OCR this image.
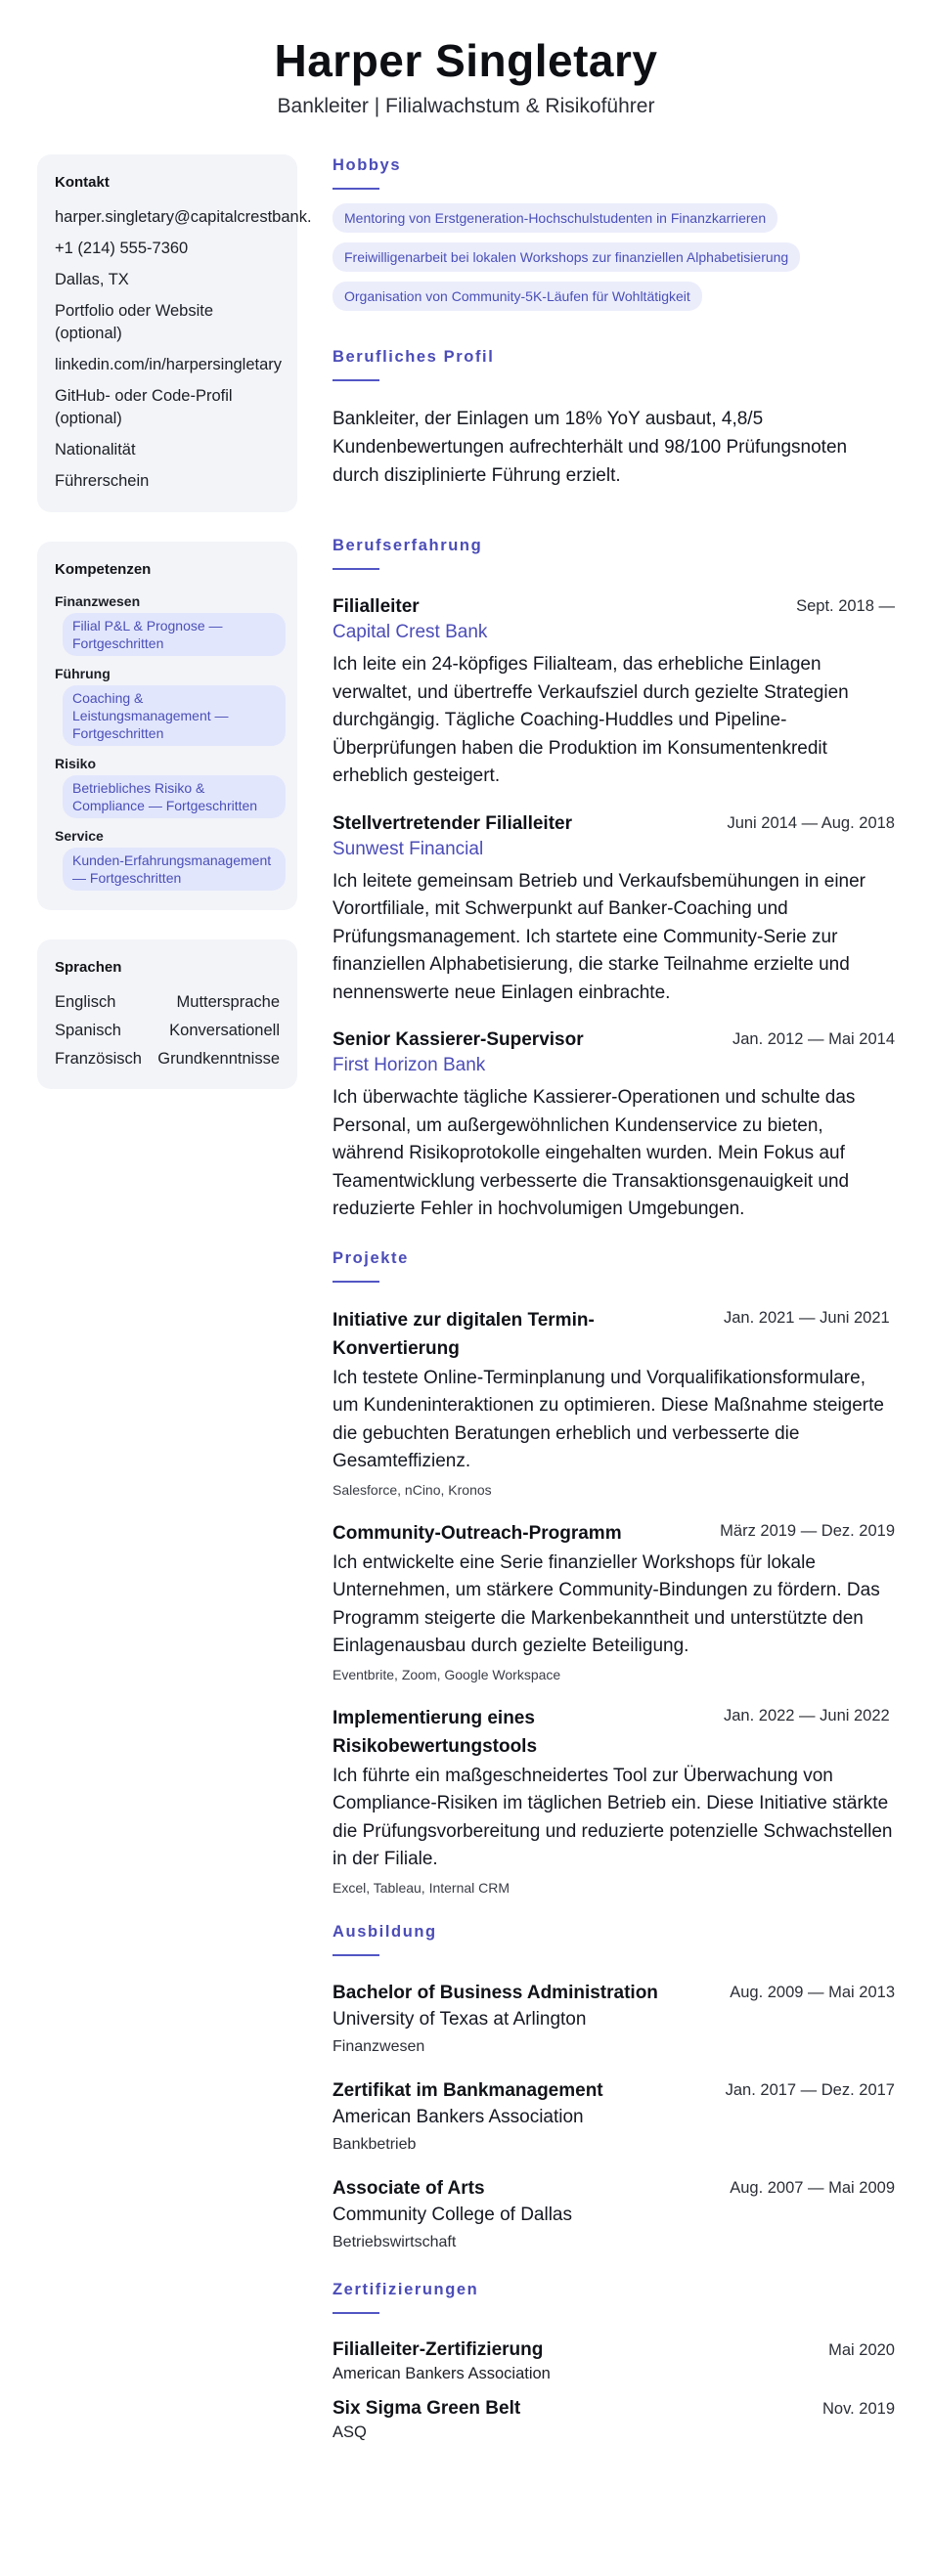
Harper Singletary
Bankleiter | Filialwachstum & Risikoführer
Kontakt
harper.singletary@capitalcrestbank.
+1 (214) 555-7360
Dallas, TX
Portfolio oder Website (optional)
linkedin.com/in/harpersingletary
GitHub- oder Code-Profil (optional)
Nationalität
Führerschein
Kompetenzen
Finanzwesen
Filial P&L & Prognose — Fortgeschritten
Führung
Coaching & Leistungsmanagement — Fortgeschritten
Risiko
Betriebliches Risiko & Compliance — Fortgeschritten
Service
Kunden-Erfahrungsmanagement — Fortgeschritten
Sprachen
Englisch	Muttersprache
Spanisch	Konversationell
Französisch Grundkenntnisse
Hobbys
Mentoring von Erstgeneration-Hochschulstudenten in Finanzkarrieren
Freiwilligenarbeit bei lokalen Workshops zur finanziellen Alphabetisierung
Organisation von Community-5K-Läufen für Wohltätigkeit
Berufliches Profil
Bankleiter, der Einlagen um 18% YoY ausbaut, 4,8/5 Kundenbewertungen aufrechterhält und 98/100 Prüfungsnoten durch disziplinierte Führung erzielt.
Berufserfahrung
Filialleiter	Sept. 2018 —
Capital Crest Bank
Ich leite ein 24-köpfiges Filialteam, das erhebliche Einlagen verwaltet, und übertreffe Verkaufsziel durch gezielte Strategien durchgängig. Tägliche Coaching-Huddles und Pipeline-Überprüfungen haben die Produktion im Konsumentenkredit erheblich gesteigert.
Stellvertretender Filialleiter	Juni 2014 — Aug. 2018
Sunwest Financial
Ich leitete gemeinsam Betrieb und Verkaufsbemühungen in einer Vorortfiliale, mit Schwerpunkt auf Banker-Coaching und Prüfungsmanagement. Ich startete eine Community-Serie zur finanziellen Alphabetisierung, die starke Teilnahme erzielte und nennenswerte neue Einlagen einbrachte.
Senior Kassierer-Supervisor	Jan. 2012 — Mai 2014
First Horizon Bank
Ich überwachte tägliche Kassierer-Operationen und schulte das Personal, um außergewöhnlichen Kundenservice zu bieten, während Risikoprotokolle eingehalten wurden. Mein Fokus auf Teamentwicklung verbesserte die Transaktionsgenauigkeit und reduzierte Fehler in hochvolumigen Umgebungen.
Projekte
Initiative zur digitalen Termin-Konvertierung
Jan. 2021 — Juni 2021
Ich testete Online-Terminplanung und Vorqualifikationsformulare, um Kundeninteraktionen zu optimieren. Diese Maßnahme steigerte die gebuchten Beratungen erheblich und verbesserte die Gesamteffizienz.
Salesforce, nCino, Kronos
Community-Outreach-Programm	März 2019 — Dez. 2019
Ich entwickelte eine Serie finanzieller Workshops für lokale Unternehmen, um stärkere Community-Bindungen zu fördern. Das Programm steigerte die Markenbekanntheit und unterstützte den Einlagenausbau durch gezielte Beteiligung.
Eventbrite, Zoom, Google Workspace
Implementierung eines Risikobewertungstools
Jan. 2022 — Juni 2022
Ich führte ein maßgeschneidertes Tool zur Überwachung von Compliance-Risiken im täglichen Betrieb ein. Diese Initiative stärkte die Prüfungsvorbereitung und reduzierte potenzielle Schwachstellen in der Filiale.
Excel, Tableau, Internal CRM
Ausbildung
Bachelor of Business Administration	Aug. 2009 — Mai 2013
University of Texas at Arlington
Finanzwesen
Zertifikat im Bankmanagement	Jan. 2017 — Dez. 2017
American Bankers Association
Bankbetrieb
Associate of Arts	Aug. 2007 — Mai 2009
Community College of Dallas
Betriebswirtschaft
Zertifizierungen
Filialleiter-Zertifizierung	Mai 2020
American Bankers Association
Six Sigma Green Belt	Nov. 2019
ASQ
